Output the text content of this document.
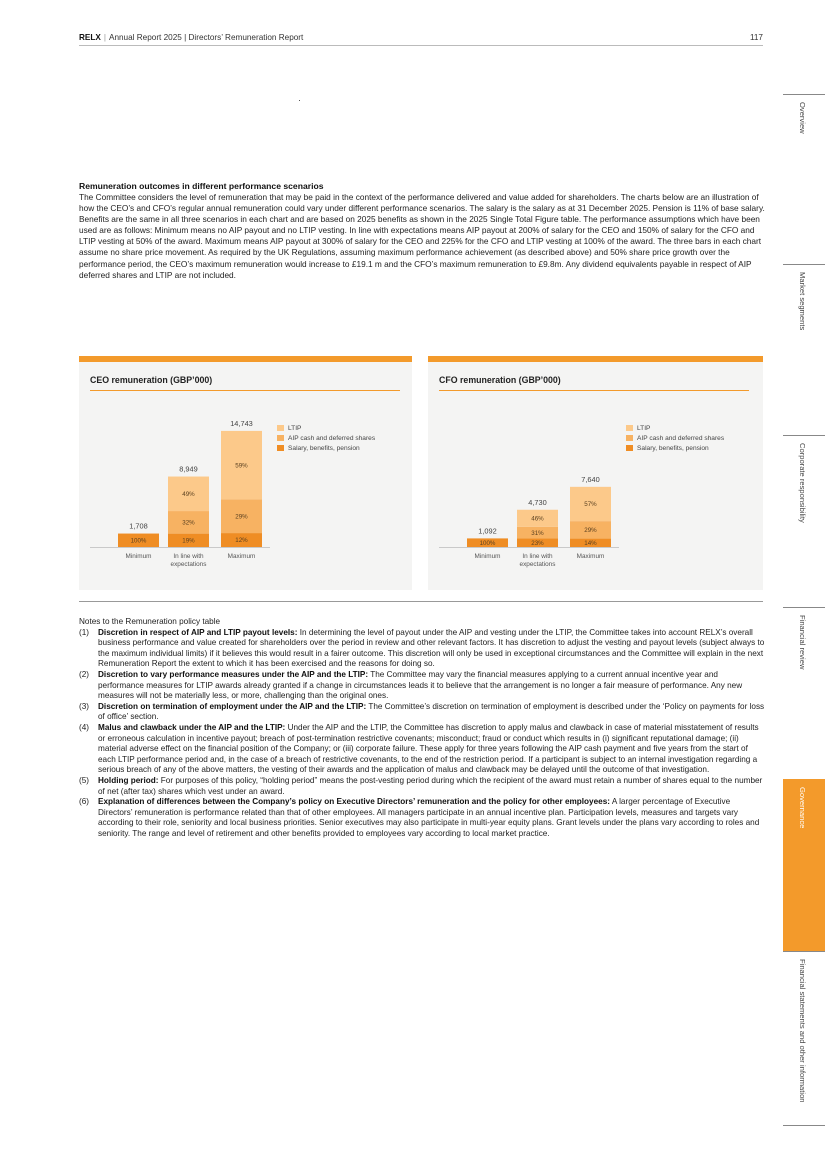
RELX | Annual Report 2025 | Directors’ Remuneration Report	117
Remuneration outcomes in different performance scenarios

The Committee considers the level of remuneration that may be paid in the context of the performance delivered and value added for shareholders. The charts below are an illustration of how the CEO’s and CFO’s regular annual remuneration could vary under different performance scenarios. The salary is the salary as at 31 December 2025. Pension is 11% of base salary. Benefits are the same in all three scenarios in each chart and are based on 2025 benefits as shown in the 2025 Single Total Figure table. The performance assumptions which have been used are as follows: Minimum means no AIP payout and no LTIP vesting. In line with expectations means AIP payout at 200% of salary for the CEO and 150% of salary for the CFO and LTIP vesting at 50% of the award. Maximum means AIP payout at 300% of salary for the CEO and 225% for the CFO and LTIP vesting at 100% of the award. The three bars in each chart assume no share price movement. As required by the UK Regulations, assuming maximum performance achievement (as described above) and 50% share price growth over the performance period, the CEO’s maximum remuneration would increase to £19.1 m and the CFO’s maximum remuneration to £9.8m. Any dividend equivalents payable in respect of AIP deferred shares and LTIP are not included.

CEO remuneration (GBP’000)
100%
1,708
Minimum
19%
32%
49%
8,949
In line with
expectations
12%
29%
59%
14,743
Maximum
LTIP
AIP cash and deferred shares
Salary, benefits, pension
CFO remuneration (GBP’000)
100%
1,092
Minimum
23%
31%
46%
4,730
In line with
expectations
14%
29%
57%
7,640
Maximum
LTIP
AIP cash and deferred shares
Salary, benefits, pension
Notes to the Remuneration policy table
(1) Discretion in respect of AIP and LTIP payout levels: In determining the level of payout under the AIP and vesting under the LTIP, the Committee takes into account RELX’s overall business performance and value created for shareholders over the period in review and other relevant factors. It has discretion to adjust the vesting and payout levels (subject always to the maximum individual limits) if it believes this would result in a fairer outcome. This discretion will only be used in exceptional circumstances and the Committee will explain in the next Remuneration Report the extent to which it has been exercised and the reasons for doing so.
(2) Discretion to vary performance measures under the AIP and the LTIP: The Committee may vary the financial measures applying to a current annual incentive year and performance measures for LTIP awards already granted if a change in circumstances leads it to believe that the arrangement is no longer a fair measure of performance. Any new measures will not be materially less, or more, challenging than the original ones.
(3) Discretion on termination of employment under the AIP and the LTIP: The Committee’s discretion on termination of employment is described under the ‘Policy on payments for loss of office’ section.
(4) Malus and clawback under the AIP and the LTIP: Under the AIP and the LTIP, the Committee has discretion to apply malus and clawback in case of material misstatement of results or erroneous calculation in incentive payout; breach of post-termination restrictive covenants; misconduct; fraud or conduct which results in (i) significant reputational damage; (ii) material adverse effect on the financial position of the Company; or (iii) corporate failure. These apply for three years following the AIP cash payment and five years from the start of each LTIP performance period and, in the case of a breach of restrictive covenants, to the end of the restriction period. If a participant is subject to an internal investigation regarding a serious breach of any of the above matters, the vesting of their awards and the application of malus and clawback may be delayed until the outcome of that investigation.
(5) Holding period: For purposes of this policy, “holding period” means the post-vesting period during which the recipient of the award must retain a number of shares equal to the number of net (after tax) shares which vest under an award.
(6) Explanation of differences between the Company’s policy on Executive Directors’ remuneration and the policy for other employees: A larger percentage of Executive Directors’ remuneration is performance related than that of other employees. All managers participate in an annual incentive plan. Participation levels, measures and targets vary according to their role, seniority and local business priorities. Senior executives may also participate in multi-year equity plans. Grant levels under the plans vary according to roles and seniority. The range and level of retirement and other benefits provided to employees vary according to local market practice.
Overview
Market segments
Corporate responsibility
Financial review
Governance
Financial statements and other information
